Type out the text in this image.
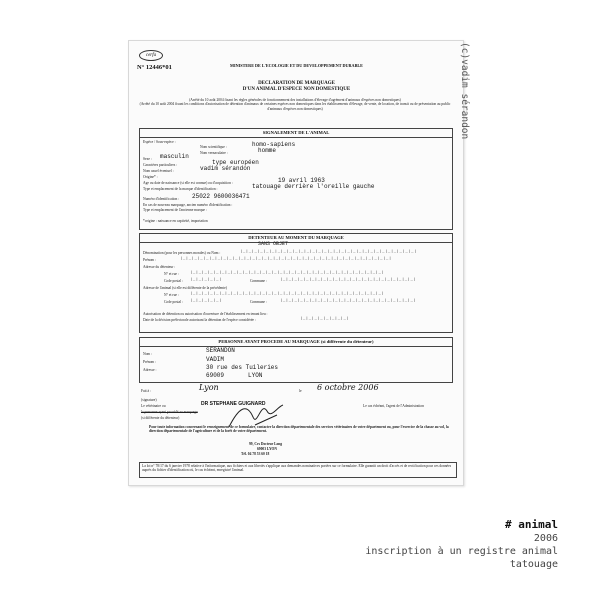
cerfa
N° 12446*01	MINISTERE DE L'ECOLOGIE ET DU DEVELOPPEMENT DURABLE
DECLARATION DE MARQUAGE
D'UN ANIMAL D'ESPECE NON DOMESTIQUE
(Arrêté du 10 août 2004 fixant les règles générales de fonctionnement des installations d'élevage d'agrément d'animaux d'espèces non domestiques)
(Arrêté du 10 août 2004 fixant les conditions d'autorisation de détention d'animaux de certaines espèces non domestiques dans les établissements d'élevage, de vente, de location, de transit ou de présentation au public d'animaux d'espèces non domestiques)
SIGNALEMENT DE L'ANIMAL
Espèce / Sous-espèce :
Nom scientifique :	homo-sapiens
Nom vernaculaire :	homme
Sexe : masculin
Caractères particuliers :	type européen
Nom usuel éventuel :	vadim sérandon
Origine* :
Age ou date de naissance (si elle est connue) ou d'acquisition :	19 avril 1963
Type et emplacement de la marque d'identification :	tatouage derrière l'oreille gauche
Numéro d'identification : 25022 9600036471
En cas de nouveau marquage, ancien numéro d'identification :
Type et emplacement de l'ancienne marque :
*origine : naissance en captivité, importation
DETENTEUR AU MOMENT DU MARQUAGE
SANS OBJET
Dénomination (pour les personnes morales) ou Nom :	|_|_|_|_|_|_|_|_|_|_|_|_|_|_|_|_|_|_|_|_|_|_|_|_|_|_|_|_|_|_|
Prénom :	|_|_|_|_|_|_|_|_|_|_|_|_|_|_|_|_|_|_|_|_|_|_|_|_|_|_|_|_|_|_|_|_|_|_|_|_|
Adresse du détenteur :
N° et rue :	|_|_|_|_|_|_|_|_|_|_|_|_|_|_|_|_|_|_|_|_|_|_|_|_|_|_|_|_|_|_|_|_|_|
Code postal : |_|_|_|_|_|	Commune :	|_|_|_|_|_|_|_|_|_|_|_|_|_|_|_|_|_|_|_|_|_|_|_|
Adresse de l'animal (si elle est différente de la précédente)
N° et rue :	|_|_|_|_|_|_|_|_|_|_|_|_|_|_|_|_|_|_|_|_|_|_|_|_|_|_|_|_|_|_|_|_|_|
Code postal : |_|_|_|_|_|	Commune :	|_|_|_|_|_|_|_|_|_|_|_|_|_|_|_|_|_|_|_|_|_|_|_|
Autorisation de détention ou autorisation d'ouverture de l'établissement en tenant lieu :
Date de la décision préfectorale autorisant la détention de l'espèce considérée :	|_|_|_|_|_|_|_|_|
PERSONNE AYANT PROCEDE AU MARQUAGE (si différente du détenteur)
Nom :	SERANDON
Prénom :	VADIM
Adresse :	30 rue des Tuileries
69009	LYON
Fait à :	Lyon	le 6 octobre 2006
(signature)
Le vétérinaire ou	DR STEPHANE GUIGNARD	Le cas échéant, l'agent de l'Administration
la personne ayant procédé au marquage
(si différente du détenteur)
Pour toute information concernant le renseignement de ce formulaire, contacter la direction départementale des services vétérinaires de votre département ou, pour l'exercice de la chasse au vol, la direction départementale de l'agriculture et de la forêt de votre département.
99, Crs Docteur Long
69003 LYON
Tél. 04 78 53 60 18
La loi n° 78/17 du 6 janvier 1978 relative à l'informatique, aux fichiers et aux libertés s'applique aux demandes nominatives portées sur ce formulaire. Elle garantit un droit d'accès et de rectification pour ces données auprès du fichier d'identification où, le cas échéant, enregistré l'animal.
(c)vadim sérandon
# animal
2006
inscription à un registre animal
tatouage
